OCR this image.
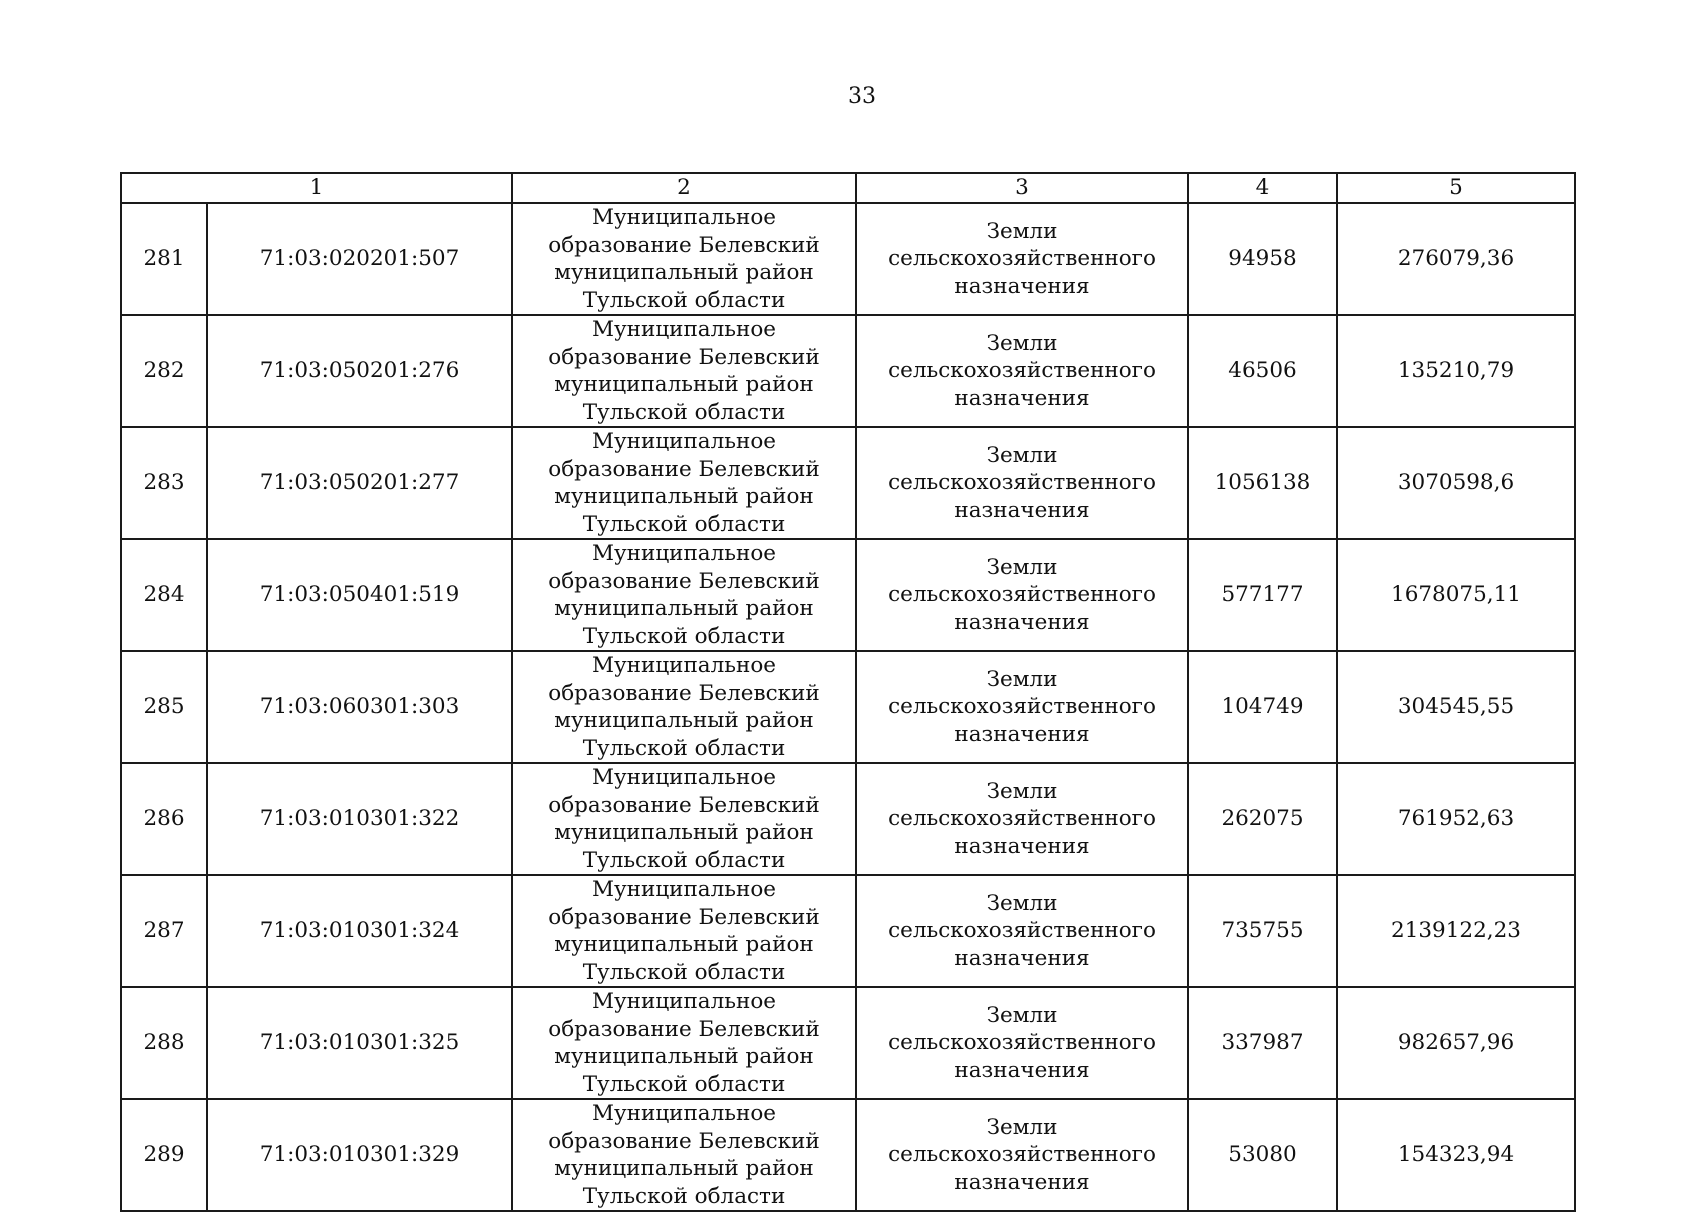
33
1		2	3	4	5
281	71:03:020201:507	Муниципальное образование Белевский муниципальный район Тульской области	Земли сельскохозяйственного назначения	94958	276079,36
282	71:03:050201:276	Муниципальное образование Белевский муниципальный район Тульской области	Земли сельскохозяйственного назначения	46506	135210,79
283	71:03:050201:277	Муниципальное образование Белевский муниципальный район Тульской области	Земли сельскохозяйственного назначения	1056138	3070598,6
284	71:03:050401:519	Муниципальное образование Белевский муниципальный район Тульской области	Земли сельскохозяйственного назначения	577177	1678075,11
285	71:03:060301:303	Муниципальное образование Белевский муниципальный район Тульской области	Земли сельскохозяйственного назначения	104749	304545,55
286	71:03:010301:322	Муниципальное образование Белевский муниципальный район Тульской области	Земли сельскохозяйственного назначения	262075	761952,63
287	71:03:010301:324	Муниципальное образование Белевский муниципальный район Тульской области	Земли сельскохозяйственного назначения	735755	2139122,23
288	71:03:010301:325	Муниципальное образование Белевский муниципальный район Тульской области	Земли сельскохозяйственного назначения	337987	982657,96
289	71:03:010301:329	Муниципальное образование Белевский муниципальный район Тульской области	Земли сельскохозяйственного назначения	53080	154323,94
